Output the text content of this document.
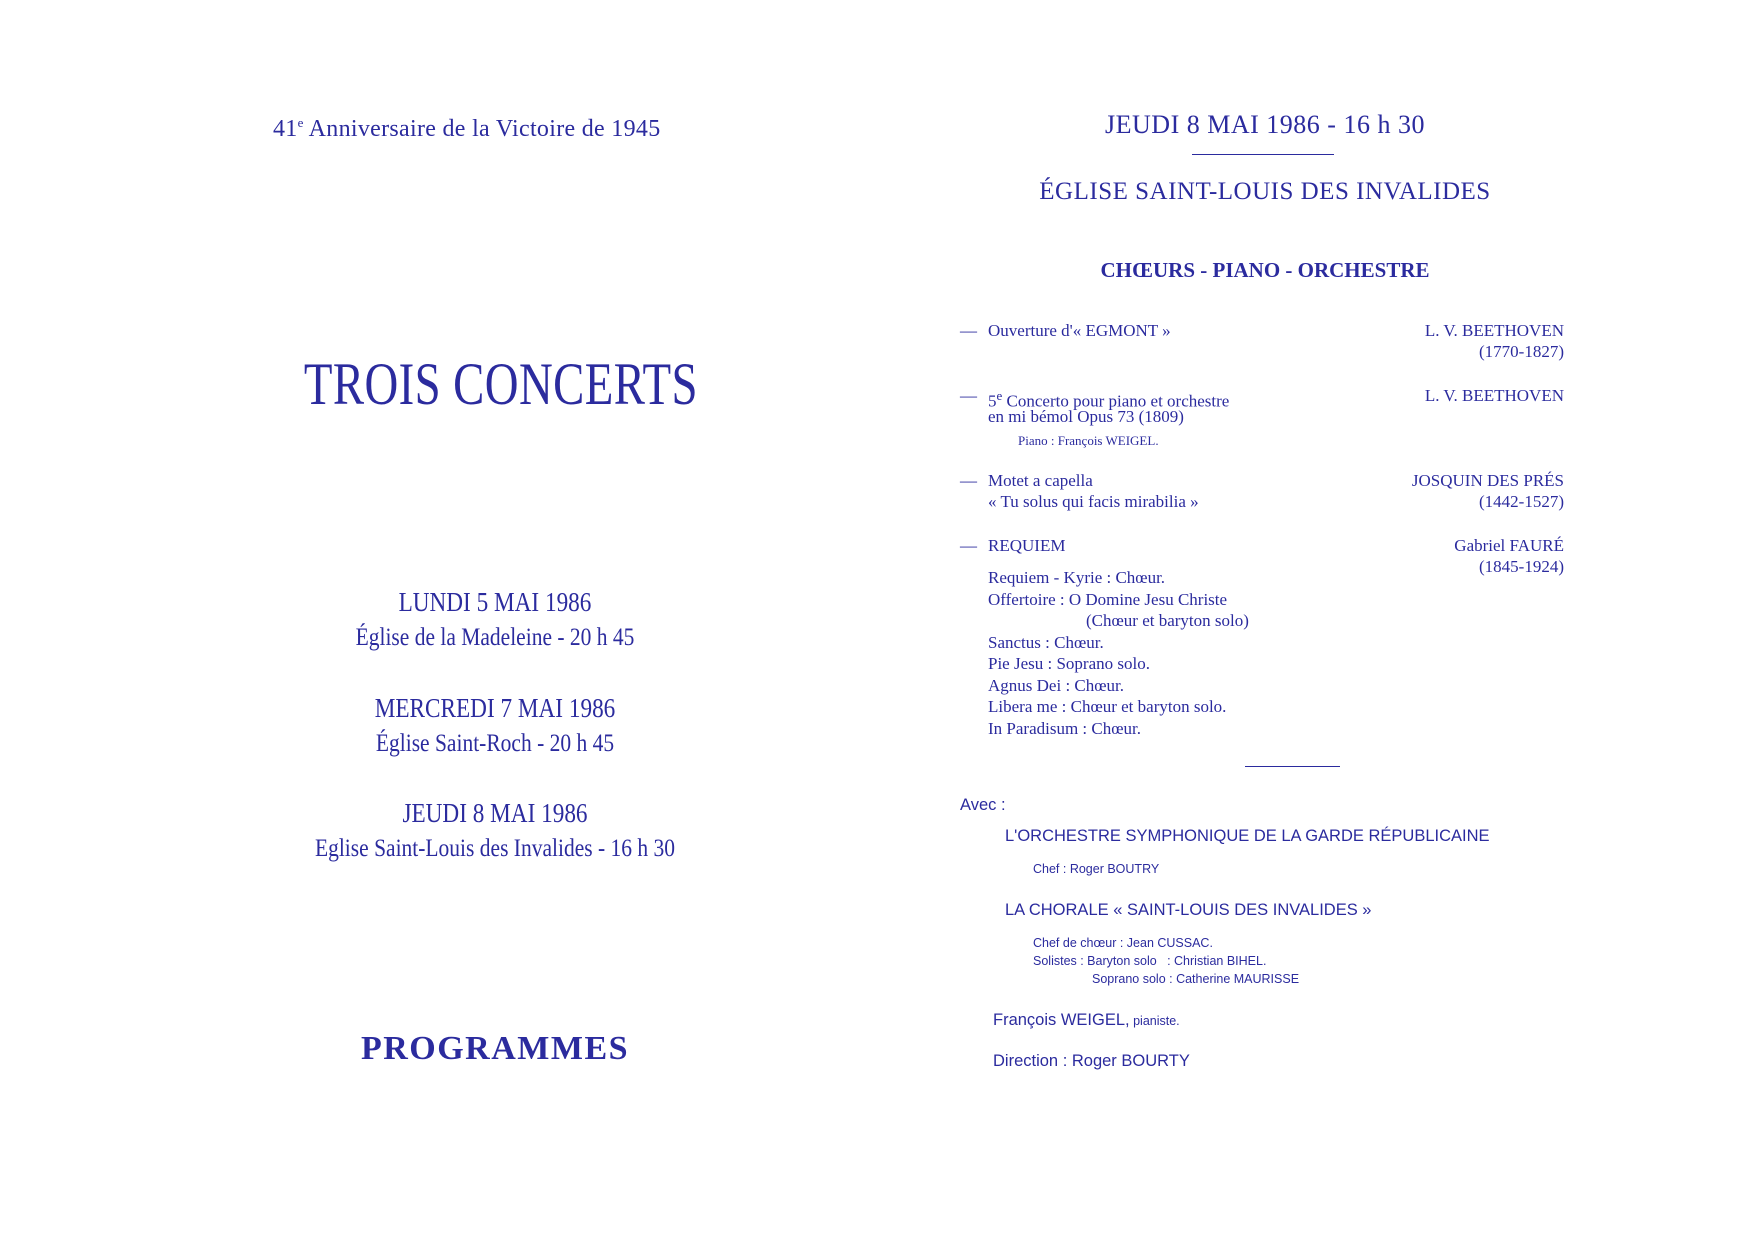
41e Anniversaire de la Victoire de 1945
TROIS CONCERTS
LUNDI 5 MAI 1986
Église de la Madeleine - 20 h 45
MERCREDI 7 MAI 1986
Église Saint-Roch - 20 h 45
JEUDI 8 MAI 1986
Eglise Saint-Louis des Invalides - 16 h 30
PROGRAMMES
JEUDI 8 MAI 1986 - 16 h 30
ÉGLISE SAINT-LOUIS DES INVALIDES
CHŒURS - PIANO - ORCHESTRE
— Ouverture d'« EGMONT »	L. V. BEETHOVEN
(1770-1827)
— 5e Concerto pour piano et orchestre
en mi bémol Opus 73 (1809)
Piano : François WEIGEL.
L. V. BEETHOVEN
— Motet a capella
« Tu solus qui facis mirabilia »
JOSQUIN DES PRÉS
(1442-1527)
— REQUIEM	Gabriel FAURÉ
(1845-1924)
Requiem - Kyrie : Chœur.
Offertoire : O Domine Jesu Christe
(Chœur et baryton solo)
Sanctus : Chœur.
Pie Jesu : Soprano solo.
Agnus Dei : Chœur.
Libera me : Chœur et baryton solo.
In Paradisum : Chœur.
Avec :
L'ORCHESTRE SYMPHONIQUE DE LA GARDE RÉPUBLICAINE
Chef : Roger BOUTRY
LA CHORALE « SAINT-LOUIS DES INVALIDES »
Chef de chœur : Jean CUSSAC.
Solistes : Baryton solo   : Christian BIHEL.
Soprano solo : Catherine MAURISSE
François WEIGEL, pianiste.
Direction : Roger BOURTY
